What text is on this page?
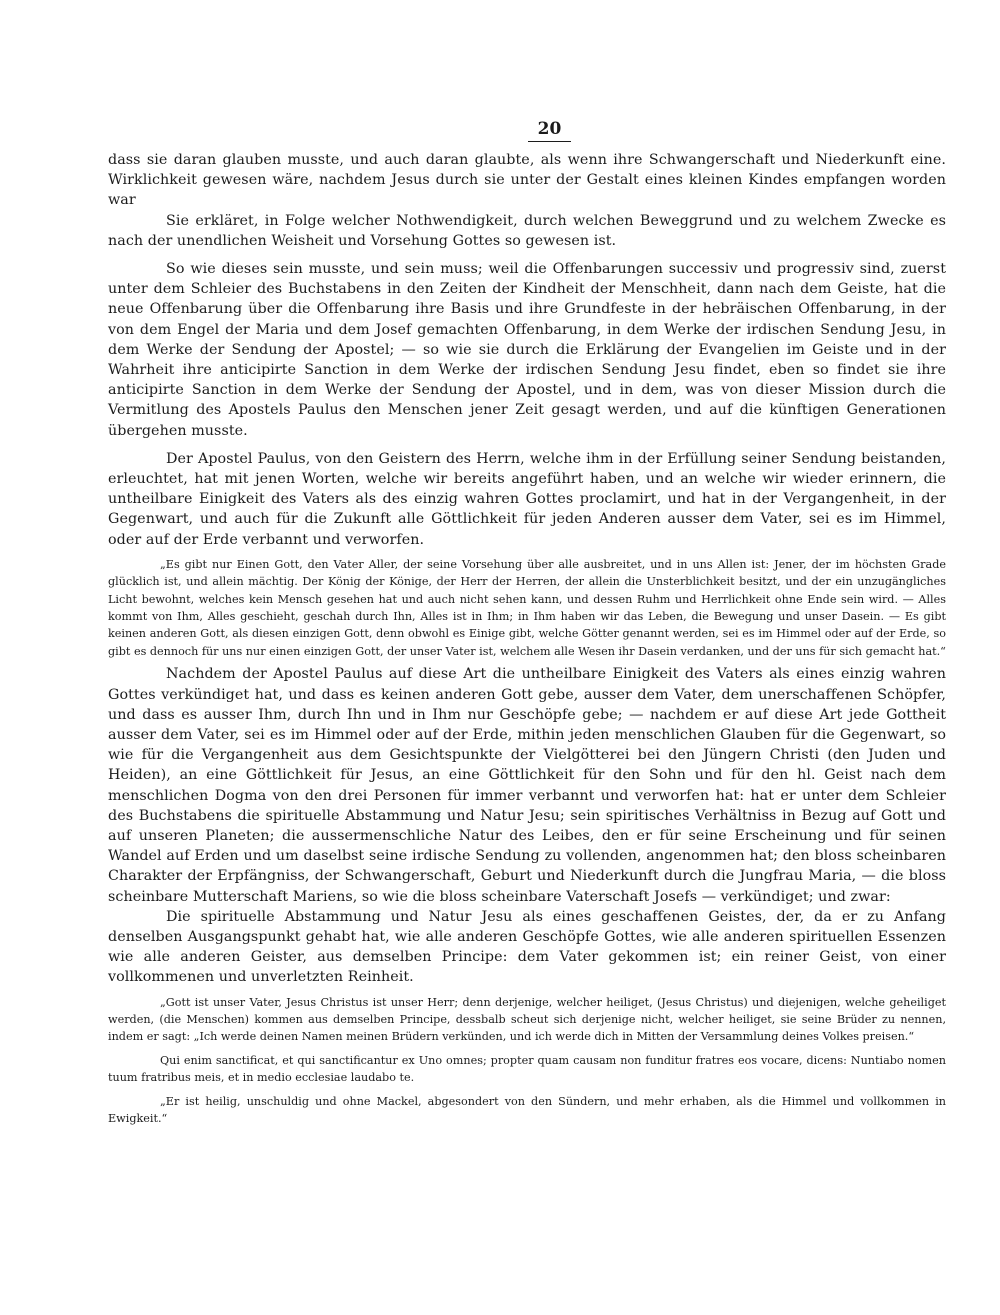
20

dass sie daran glauben musste, und auch daran glaubte, als wenn ihre Schwangerschaft und Niederkunft eine. Wirklichkeit gewesen wäre, nachdem Jesus durch sie unter der Gestalt eines kleinen Kindes empfangen worden war

Sie erkläret, in Folge welcher Nothwendigkeit, durch welchen Beweggrund und zu welchem Zwecke es nach der unendlichen Weisheit und Vorsehung Gottes so gewesen ist.

So wie dieses sein musste, und sein muss; weil die Offenbarungen successiv und progressiv sind, zuerst unter dem Schleier des Buchstabens in den Zeiten der Kindheit der Menschheit, dann nach dem Geiste, hat die neue Offenbarung über die Offenbarung ihre Basis und ihre Grundfeste in der hebräischen Offenbarung, in der von dem Engel der Maria und dem Josef gemachten Offenbarung, in dem Werke der irdischen Sendung Jesu, in dem Werke der Sendung der Apostel; — so wie sie durch die Erklärung der Evangelien im Geiste und in der Wahrheit ihre anticipirte Sanction in dem Werke der irdischen Sendung Jesu findet, eben so findet sie ihre anticipirte Sanction in dem Werke der Sendung der Apostel, und in dem, was von dieser Mission durch die Vermitlung des Apostels Paulus den Menschen jener Zeit gesagt werden, und auf die künftigen Generationen übergehen musste.

Der Apostel Paulus, von den Geistern des Herrn, welche ihm in der Erfüllung seiner Sendung beistanden, erleuchtet, hat mit jenen Worten, welche wir bereits angeführt haben, und an welche wir wieder erinnern, die untheilbare Einigkeit des Vaters als des einzig wahren Gottes proclamirt, und hat in der Vergangenheit, in der Gegenwart, und auch für die Zukunft alle Göttlichkeit für jeden Anderen ausser dem Vater, sei es im Himmel, oder auf der Erde verbannt und verworfen.

„Es gibt nur Einen Gott, den Vater Aller, der seine Vorsehung über alle ausbreitet, und in uns Allen ist: Jener, der im höchsten Grade glücklich ist, und allein mächtig. Der König der Könige, der Herr der Herren, der allein die Unsterblichkeit besitzt, und der ein unzugängliches Licht bewohnt, welches kein Mensch gesehen hat und auch nicht sehen kann, und dessen Ruhm und Herrlichkeit ohne Ende sein wird. — Alles kommt von Ihm, Alles geschieht, geschah durch Ihn, Alles ist in Ihm; in Ihm haben wir das Leben, die Bewegung und unser Dasein. — Es gibt keinen anderen Gott, als diesen einzigen Gott, denn obwohl es Einige gibt, welche Götter genannt werden, sei es im Himmel oder auf der Erde, so gibt es dennoch für uns nur einen einzigen Gott, der unser Vater ist, welchem alle Wesen ihr Dasein verdanken, und der uns für sich gemacht hat.“

Nachdem der Apostel Paulus auf diese Art die untheilbare Einigkeit des Vaters als eines einzig wahren Gottes verkündiget hat, und dass es keinen anderen Gott gebe, ausser dem Vater, dem unerschaffenen Schöpfer, und dass es ausser Ihm, durch Ihn und in Ihm nur Geschöpfe gebe; — nachdem er auf diese Art jede Gottheit ausser dem Vater, sei es im Himmel oder auf der Erde, mithin jeden menschlichen Glauben für die Gegenwart, so wie für die Vergangenheit aus dem Gesichtspunkte der Vielgötterei bei den Jüngern Christi (den Juden und Heiden), an eine Göttlichkeit für Jesus, an eine Göttlichkeit für den Sohn und für den hl. Geist nach dem menschlichen Dogma von den drei Personen für immer verbannt und verworfen hat: hat er unter dem Schleier des Buchstabens die spirituelle Abstammung und Natur Jesu; sein spiritisches Verhältniss in Bezug auf Gott und auf unseren Planeten; die aussermenschliche Natur des Leibes, den er für seine Erscheinung und für seinen Wandel auf Erden und um daselbst seine irdische Sendung zu vollenden, angenommen hat; den bloss scheinbaren Charakter der Erpfängniss, der Schwangerschaft, Geburt und Niederkunft durch die Jungfrau Maria, — die bloss scheinbare Mutterschaft Mariens, so wie die bloss scheinbare Vaterschaft Josefs — verkündiget; und zwar:

Die spirituelle Abstammung und Natur Jesu als eines geschaffenen Geistes, der, da er zu Anfang denselben Ausgangspunkt gehabt hat, wie alle anderen Geschöpfe Gottes, wie alle anderen spirituellen Essenzen wie alle anderen Geister, aus demselben Principe: dem Vater gekommen ist; ein reiner Geist, von einer vollkommenen und unverletzten Reinheit.

„Gott ist unser Vater, Jesus Christus ist unser Herr; denn derjenige, welcher heiliget, (Jesus Christus) und diejenigen, welche geheiliget werden, (die Menschen) kommen aus demselben Principe, dessbalb scheut sich derjenige nicht, welcher heiliget, sie seine Brüder zu nennen, indem er sagt: „Ich werde deinen Namen meinen Brüdern verkünden, und ich werde dich in Mitten der Versammlung deines Volkes preisen.“

Qui enim sanctificat, et qui sanctificantur ex Uno omnes; propter quam causam non funditur fratres eos vocare, dicens: Nuntiabo nomen tuum fratribus meis, et in medio ecclesiae laudabo te.

„Er ist heilig, unschuldig und ohne Mackel, abgesondert von den Sündern, und mehr erhaben, als die Himmel und vollkommen in Ewigkeit.“
